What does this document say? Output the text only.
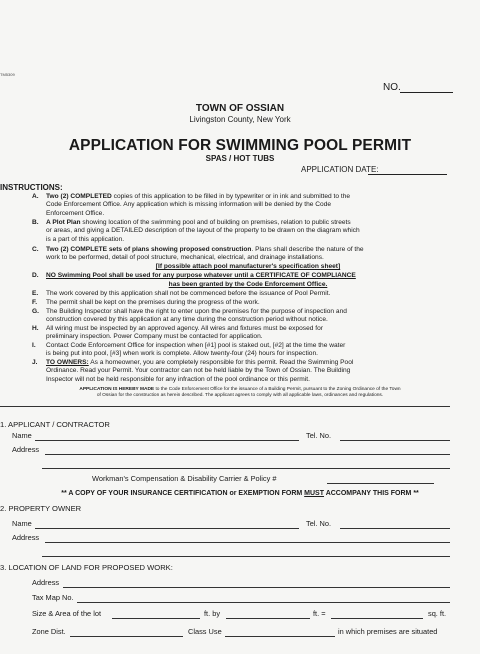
TM5309
NO.
TOWN OF OSSIAN
Livingston County, New York
APPLICATION FOR SWIMMING POOL PERMIT
SPAS / HOT TUBS
APPLICATION DATE:
INSTRUCTIONS:
A. Two (2) COMPLETED copies of this application to be filled in by typewriter or in ink and submitted to the
Code Enforcement Office. Any application which is missing information will be denied by the Code
Enforcement Office.
B. A Plot Plan showing location of the swimming pool and of building on premises, relation to public streets
or areas, and giving a DETAILED description of the layout of the property to be drawn on the diagram which
is a part of this application.
C. Two (2) COMPLETE sets of plans showing proposed construction. Plans shall describe the nature of the
work to be performed, detail of pool structure, mechanical, electrical, and drainage installations.
[If possible attach pool manufacturer's specification sheet]
D. NO Swimming Pool shall be used for any purpose whatever until a CERTIFICATE OF COMPLIANCE
has been granted by the Code Enforcement Office.
E. The work covered by this application shall not be commenced before the issuance of Pool Permit.
F. The permit shall be kept on the premises during the progress of the work.
G. The Building Inspector shall have the right to enter upon the premises for the purpose of inspection and
construction covered by this application at any time during the construction period without notice.
H. All wiring must be inspected by an approved agency. All wires and fixtures must be exposed for
preliminary inspection. Power Company must be contacted for application.
I. Contact Code Enforcement Office for inspection when [#1] pool is staked out, [#2] at the time the water
is being put into pool, [#3] when work is complete. Allow twenty-four (24) hours for inspection.
J. TO OWNERS: As a homeowner, you are completely responsible for this permit. Read the Swimming Pool
Ordinance. Read your Permit. Your contractor can not be held liable by the Town of Ossian. The Building
Inspector will not be held responsible for any infraction of the pool ordinance or this permit.
APPLICATION IS HEREBY MADE to the Code Enforcement Office for the issuance of a Building Permit, pursuant to the Zoning Ordinance of the Town
of Ossian for the construction as herein described. The applicant agrees to comply with all applicable laws, ordinances and regulations.
1. APPLICANT / CONTRACTOR
Name	Tel. No.
Address
Workman's Compensation & Disability Carrier & Policy #
** A COPY OF YOUR INSURANCE CERTIFICATION or EXEMPTION FORM MUST ACCOMPANY THIS FORM **
2. PROPERTY OWNER
Name	Tel. No.
Address
3. LOCATION OF LAND FOR PROPOSED WORK:
Address
Tax Map No.
Size & Area of the lot	ft. by	ft. =	sq. ft.
Zone Dist.	Class Use	in which premises are situated
